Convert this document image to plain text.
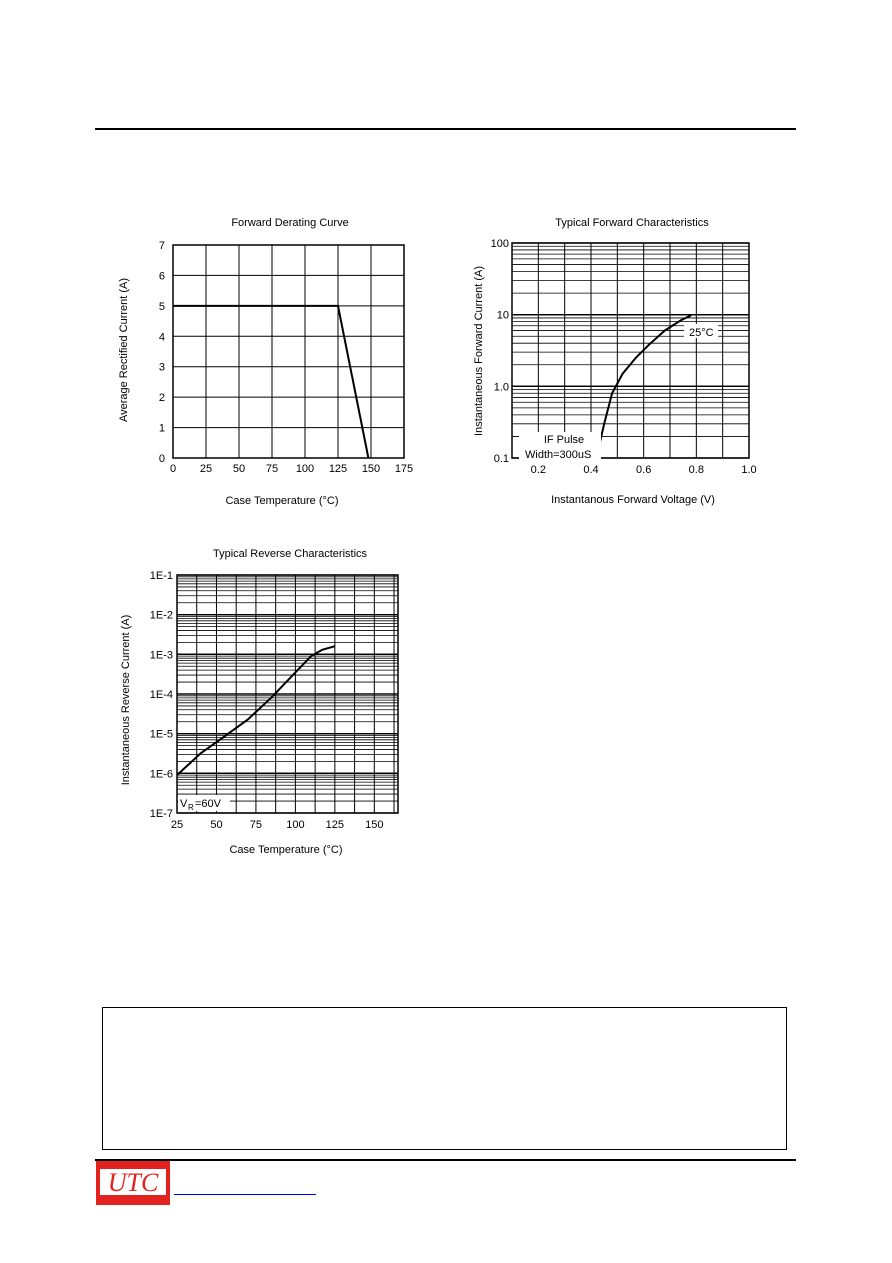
Forward Derating Curve
0 25 50 75 100 125 150 175
0
1
2
3
4
5
6
7
Case Temperature (°C)
Average Rectified Current (A)
Typical Forward Characteristics
0.2	0.4	0.6	0.8	1.0
0.1
1.0
10
100
Instantanous Forward Voltage (V)
Instantaneous Forward Current (A)	25°C
IF Pulse
Width=300uS
Typical Reverse Characteristics
25 50 75 100 125 150
1E-7
1E-6
1E-5
1E-4
1E-3
1E-2
1E-1
Case Temperature (°C)
Instantaneous Reverse Current (A)
V R =60V
UTC
